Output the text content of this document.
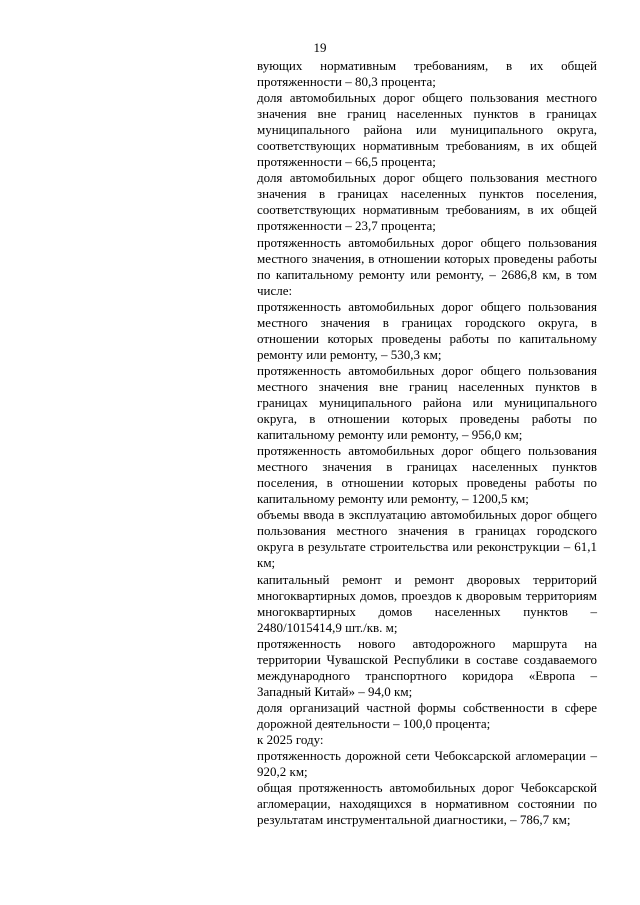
19

вующих нормативным требованиям, в их общей протяженности – 80,3 процента;

доля автомобильных дорог общего пользования местного значения вне границ населенных пунктов в границах муниципального района или муниципального округа, соответствующих нормативным требованиям, в их общей протяженности – 66,5 процента;

доля автомобильных дорог общего пользования местного значения в границах населенных пунктов поселения, соответствующих нормативным требованиям, в их общей протяженности – 23,7 процента;

протяженность автомобильных дорог общего пользования местного значения, в отношении которых проведены работы по капитальному ремонту или ремонту, – 2686,8 км, в том числе:

протяженность автомобильных дорог общего пользования местного значения в границах городского округа, в отношении которых проведены работы по капитальному ремонту или ремонту, – 530,3 км;

протяженность автомобильных дорог общего пользования местного значения вне границ населенных пунктов в границах муниципального района или муниципального округа, в отношении которых проведены работы по капитальному ремонту или ремонту, – 956,0 км;

протяженность автомобильных дорог общего пользования местного значения в границах населенных пунктов поселения, в отношении которых проведены работы по капитальному ремонту или ремонту, – 1200,5 км;

объемы ввода в эксплуатацию автомобильных дорог общего пользования местного значения в границах городского округа в результате строительства или реконструкции – 61,1 км;

капитальный ремонт и ремонт дворовых территорий многоквартирных домов, проездов к дворовым территориям многоквартирных домов населенных пунктов – 2480/1015414,9 шт./кв. м;

протяженность нового автодорожного маршрута на территории Чувашской Республики в составе создаваемого международного транспортного коридора «Европа – Западный Китай» – 94,0 км;

доля организаций частной формы собственности в сфере дорожной деятельности – 100,0 процента;

к 2025 году:

протяженность дорожной сети Чебоксарской агломерации – 920,2 км;

общая протяженность автомобильных дорог Чебоксарской агломерации, находящихся в нормативном состоянии по результатам инструментальной диагностики, – 786,7 км;
